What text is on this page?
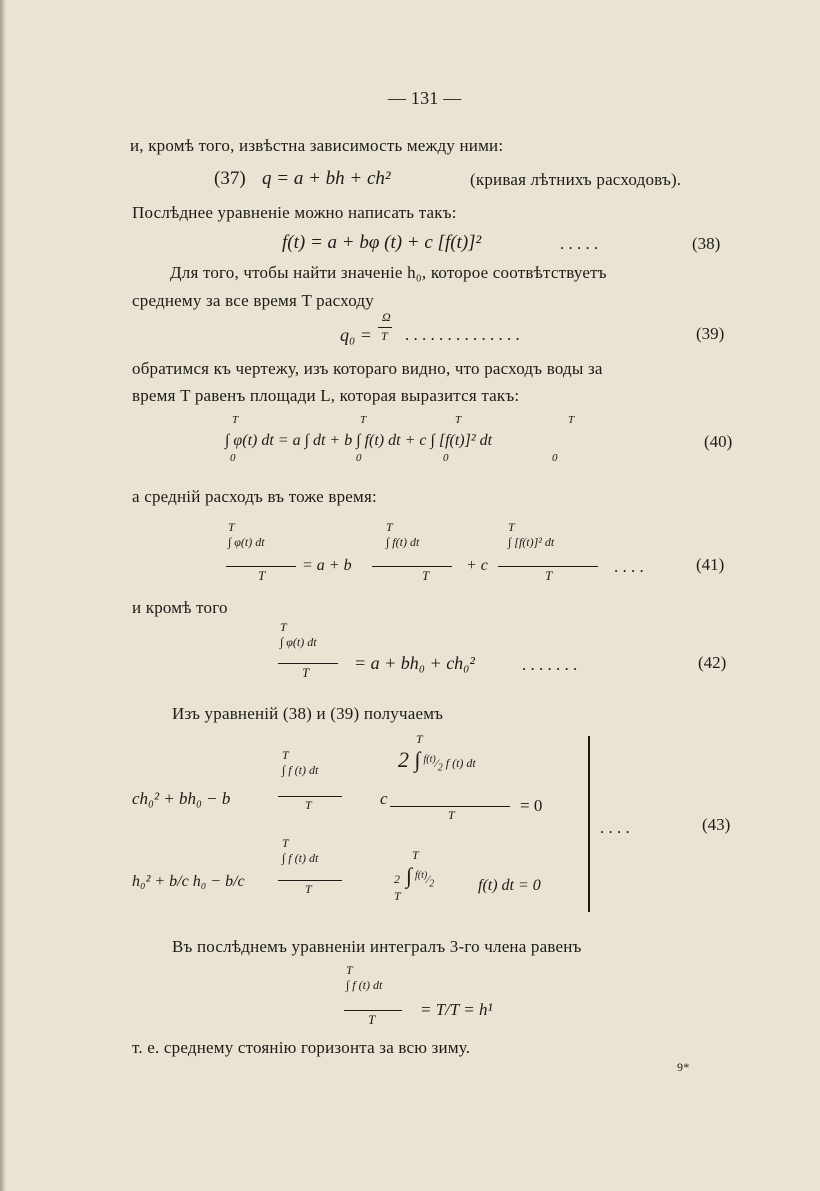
— 131 —
и, кромѣ того, извѣстна зависимость между ними:
(37) q = a + bh + ch²	(кривая лѣтнихъ расходовъ).
Послѣднее уравненіе можно написать такъ:
f(t) = a + bφ (t) + c [f(t)]²	. . . . .	(38)
Для того, чтобы найти значеніе h₀, которое соотвѣтствуетъ
среднему за все время T расходу
q₀ =
Ω
T . . . . . . . . . . . . . .	(39)
обратимся къ чертежу, изъ котораго видно, что расходъ воды за
время T равенъ площади L, которая выразится такъ:
T	T	T	T
∫ φ(t) dt = a ∫ dt + b ∫ f(t) dt + c ∫ [f(t)]² dt
0	0	0	0
(40)
а среднiй расходъ въ тоже время:
T
∫ φ(t) dt
T
= a + b
T
∫ f(t) dt
T
+ c
T
∫ [f(t)]² dt
T	. . . .	(41)
и кромѣ того
T
∫ φ(t) dt
T = a + bh₀ + ch₀²	. . . . . . .	(42)
Изъ уравненій (38) и (39) получаемъ
T
∫ f (t) dt
T
ch₀² + bh₀ − b	c
T
2 ∫ $^{f(t)}⁄_2$ f (t) dt
T	= 0
T
∫ f (t) dt
T
h₀² + b/c h₀ − b/c
T
2 ∫ $^{f(t)}⁄_2$
T
f(t) dt = 0
. . . .	(43)
Въ послѣднемъ уравненіи интегралъ 3-го члена равенъ
T
∫ f (t) dt
T
= T/T = h¹
т. е. среднему стоянію горизонта за всю зиму.
9*
